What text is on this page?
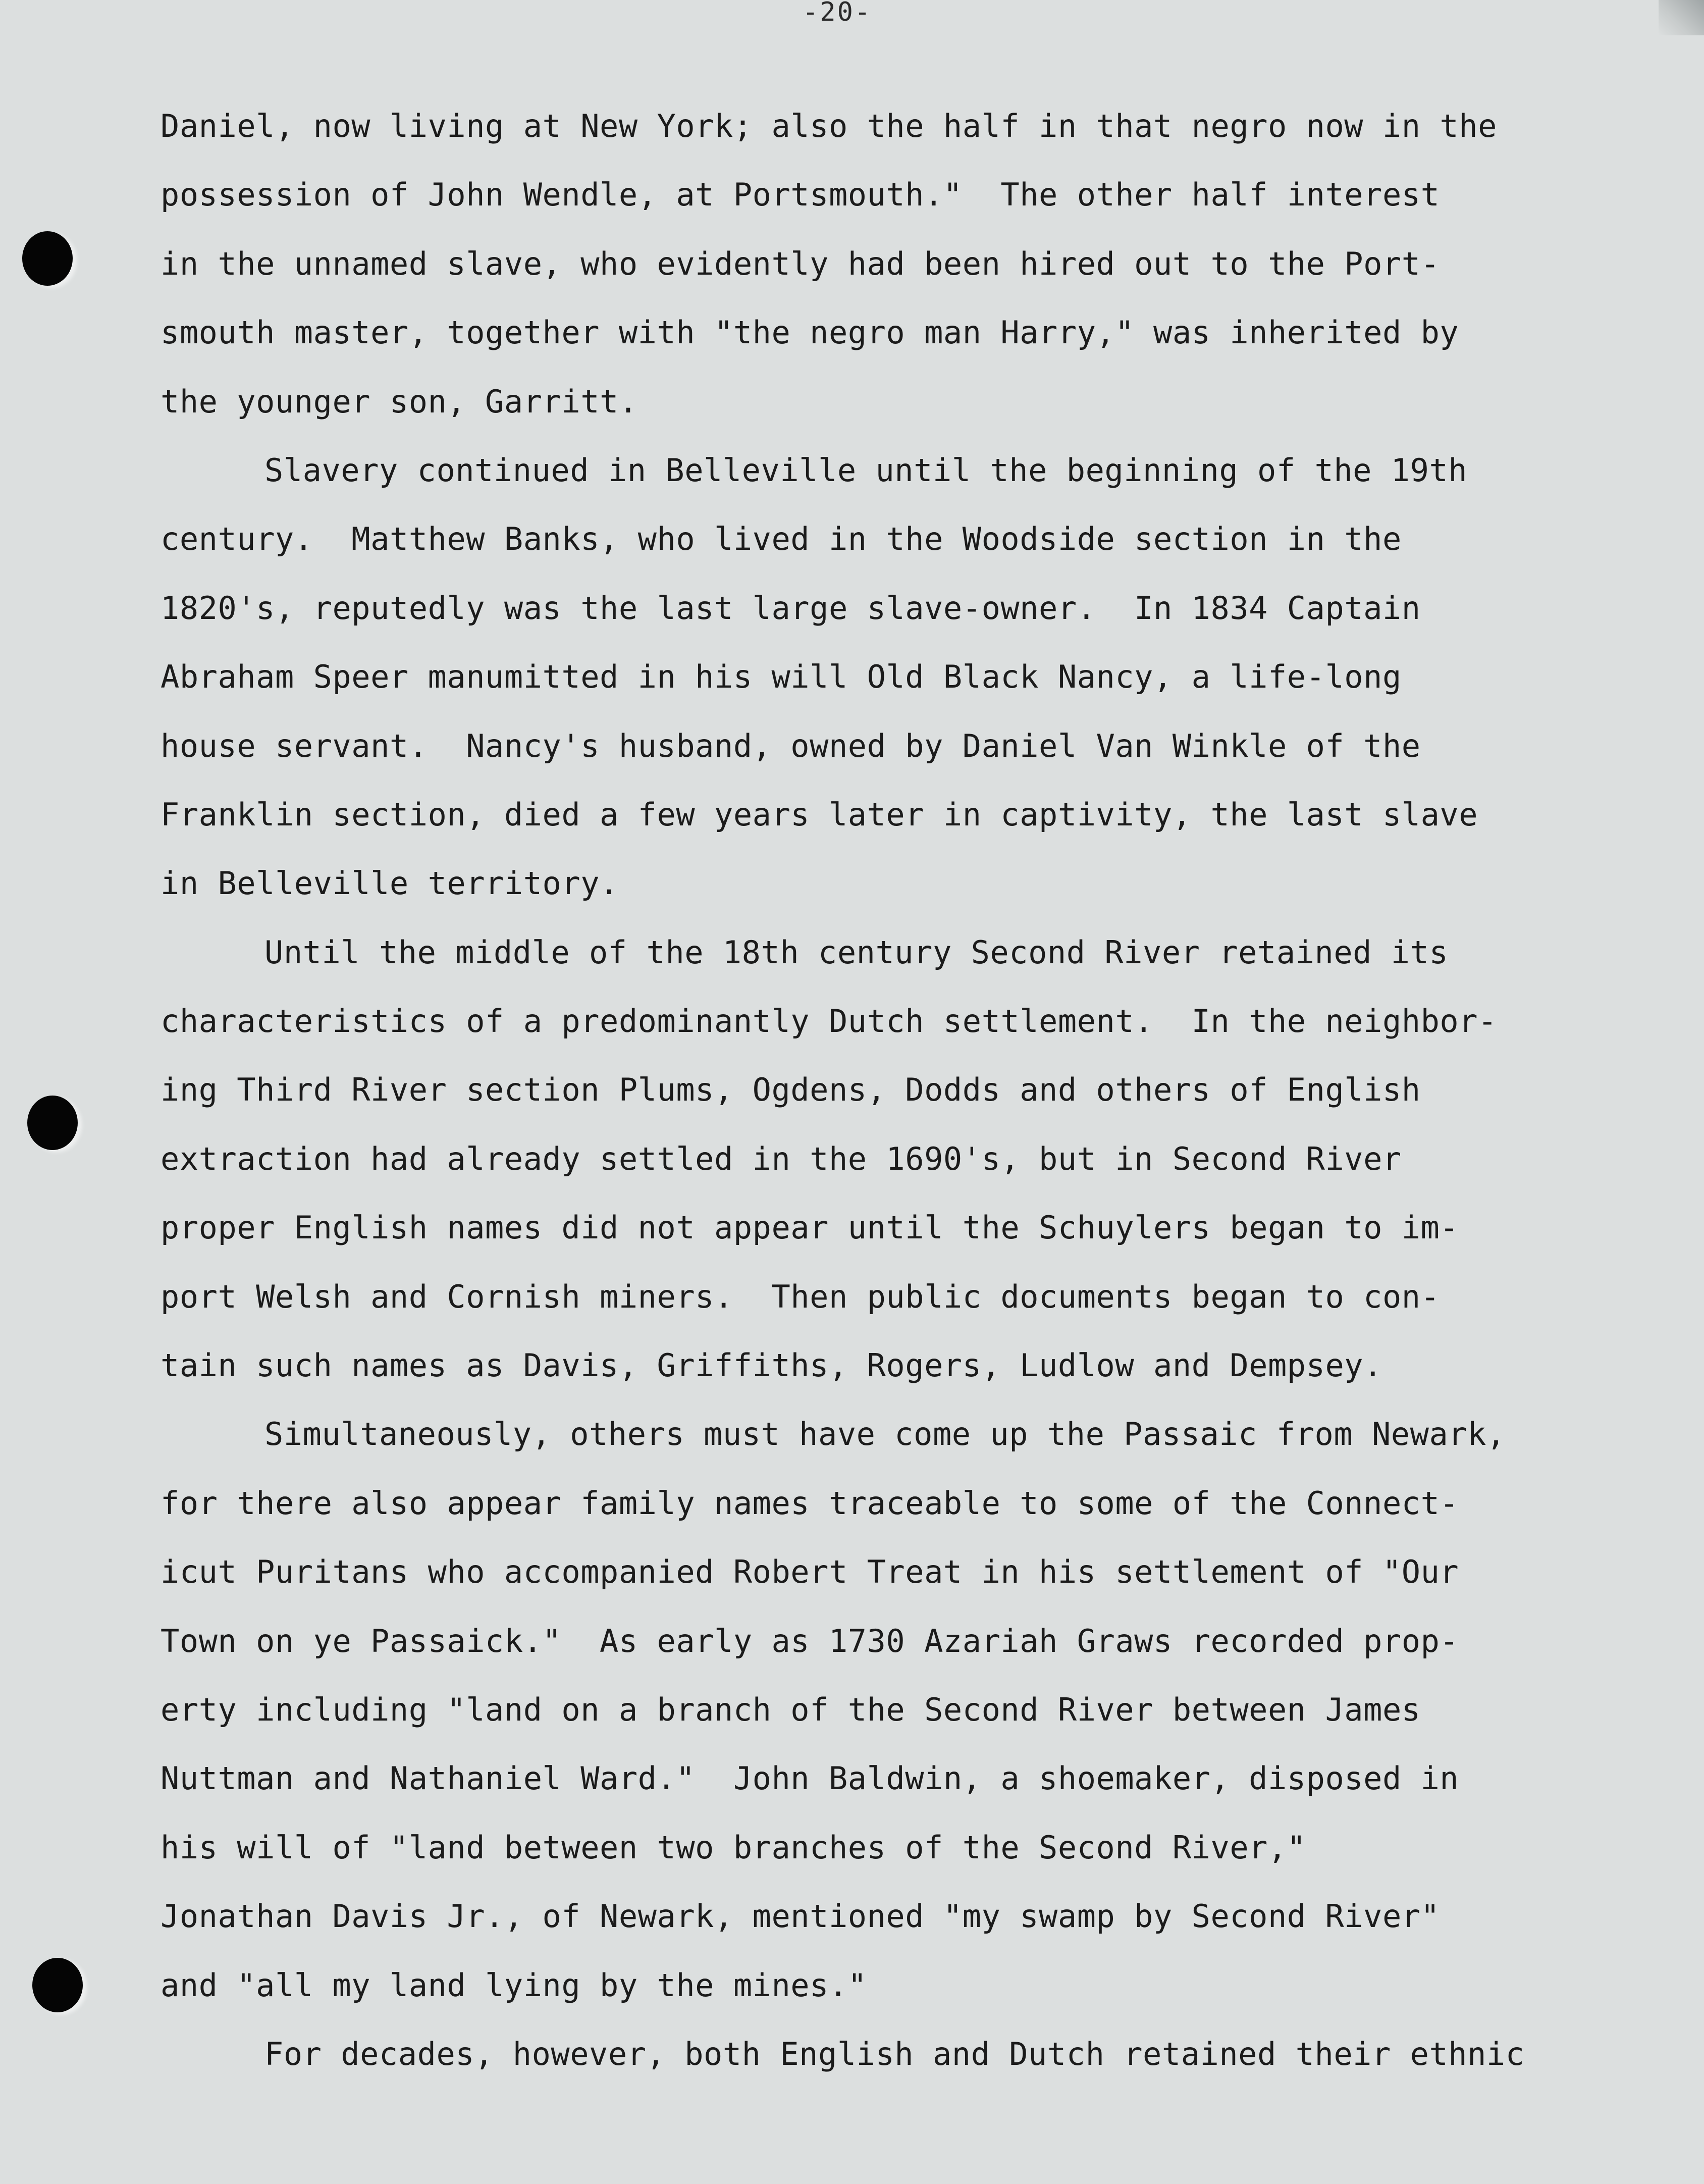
-20-
Daniel, now living at New York; also the half in that negro now in the
possession of John Wendle, at Portsmouth."  The other half interest
in the unnamed slave, who evidently had been hired out to the Port-
smouth master, together with "the negro man Harry," was inherited by
the younger son, Garritt.
Slavery continued in Belleville until the beginning of the 19th
century.  Matthew Banks, who lived in the Woodside section in the
1820's, reputedly was the last large slave-owner.  In 1834 Captain
Abraham Speer manumitted in his will Old Black Nancy, a life-long
house servant.  Nancy's husband, owned by Daniel Van Winkle of the
Franklin section, died a few years later in captivity, the last slave
in Belleville territory.
Until the middle of the 18th century Second River retained its
characteristics of a predominantly Dutch settlement.  In the neighbor-
ing Third River section Plums, Ogdens, Dodds and others of English
extraction had already settled in the 1690's, but in Second River
proper English names did not appear until the Schuylers began to im-
port Welsh and Cornish miners.  Then public documents began to con-
tain such names as Davis, Griffiths, Rogers, Ludlow and Dempsey.
Simultaneously, others must have come up the Passaic from Newark,
for there also appear family names traceable to some of the Connect-
icut Puritans who accompanied Robert Treat in his settlement of "Our
Town on ye Passaick."  As early as 1730 Azariah Graws recorded prop-
erty including "land on a branch of the Second River between James
Nuttman and Nathaniel Ward."  John Baldwin, a shoemaker, disposed in
his will of "land between two branches of the Second River,"
Jonathan Davis Jr., of Newark, mentioned "my swamp by Second River"
and "all my land lying by the mines."
For decades, however, both English and Dutch retained their ethnic
